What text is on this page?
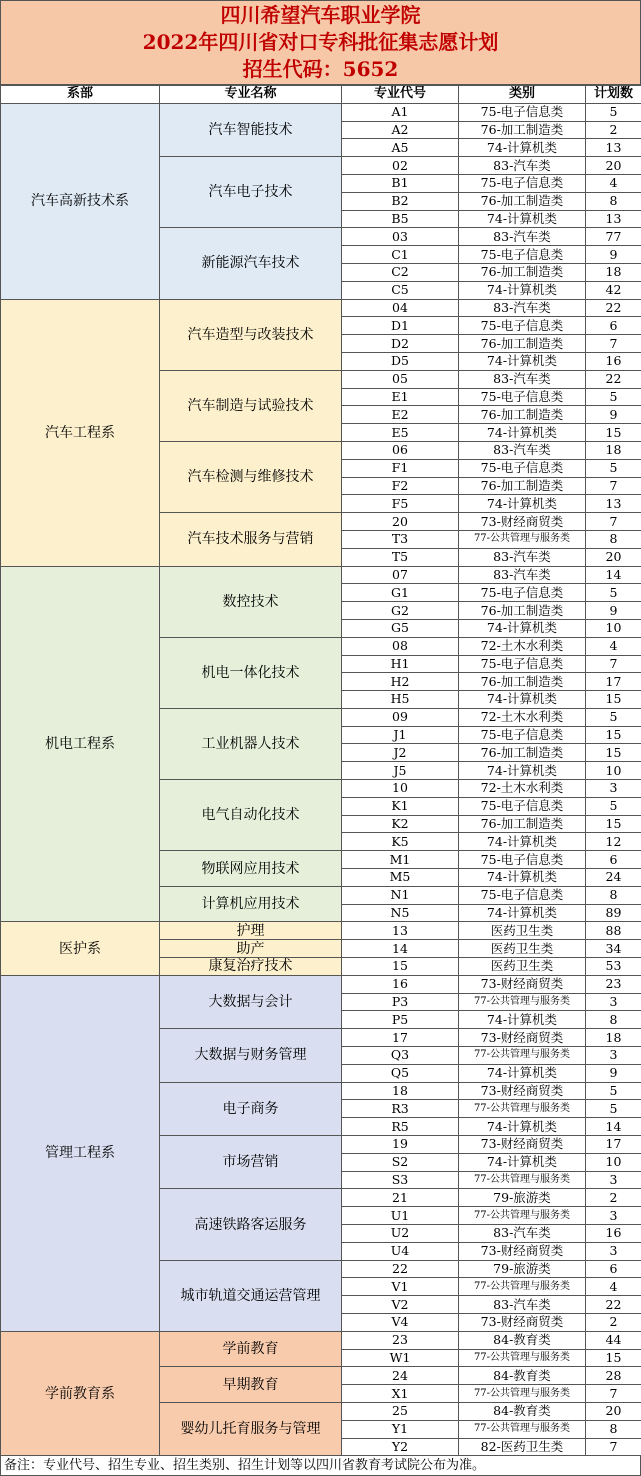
四川希望汽车职业学院
2022年四川省对口专科批征集志愿计划
招生代码：5652
系部	专业名称	专业代号	类别	计划数
汽车高新技术系	汽车智能技术	A1	75-电子信息类	5
		A2	76-加工制造类	2
		A5	74-计算机类	13
	汽车电子技术	02	83-汽车类	20
		B1	75-电子信息类	4
		B2	76-加工制造类	8
		B5	74-计算机类	13
	新能源汽车技术	03	83-汽车类	77
		C1	75-电子信息类	9
		C2	76-加工制造类	18
		C5	74-计算机类	42
汽车工程系	汽车造型与改装技术	04	83-汽车类	22
		D1	75-电子信息类	6
		D2	76-加工制造类	7
		D5	74-计算机类	16
	汽车制造与试验技术	05	83-汽车类	22
		E1	75-电子信息类	5
		E2	76-加工制造类	9
		E5	74-计算机类	15
	汽车检测与维修技术	06	83-汽车类	18
		F1	75-电子信息类	5
		F2	76-加工制造类	7
		F5	74-计算机类	13
	汽车技术服务与营销	20	73-财经商贸类	7
		T3	77-公共管理与服务类	8
		T5	83-汽车类	20
机电工程系	数控技术	07	83-汽车类	14
		G1	75-电子信息类	5
		G2	76-加工制造类	9
		G5	74-计算机类	10
	机电一体化技术	08	72-土木水利类	4
		H1	75-电子信息类	7
		H2	76-加工制造类	17
		H5	74-计算机类	15
	工业机器人技术	09	72-土木水利类	5
		J1	75-电子信息类	15
		J2	76-加工制造类	15
		J5	74-计算机类	10
	电气自动化技术	10	72-土木水利类	3
		K1	75-电子信息类	5
		K2	76-加工制造类	15
		K5	74-计算机类	12
	物联网应用技术	M1	75-电子信息类	6
		M5	74-计算机类	24
	计算机应用技术	N1	75-电子信息类	8
		N5	74-计算机类	89
医护系	护理	13	医药卫生类	88
	助产	14	医药卫生类	34
	康复治疗技术	15	医药卫生类	53
管理工程系	大数据与会计	16	73-财经商贸类	23
		P3	77-公共管理与服务类	3
		P5	74-计算机类	8
	大数据与财务管理	17	73-财经商贸类	18
		Q3	77-公共管理与服务类	3
		Q5	74-计算机类	9
	电子商务	18	73-财经商贸类	5
		R3	77-公共管理与服务类	5
		R5	74-计算机类	14
	市场营销	19	73-财经商贸类	17
		S2	74-计算机类	10
		S3	77-公共管理与服务类	3
	高速铁路客运服务	21	79-旅游类	2
		U1	77-公共管理与服务类	3
		U2	83-汽车类	16
		U4	73-财经商贸类	3
	城市轨道交通运营管理	22	79-旅游类	6
		V1	77-公共管理与服务类	4
		V2	83-汽车类	22
		V4	73-财经商贸类	2
学前教育系	学前教育	23	84-教育类	44
		W1	77-公共管理与服务类	15
	早期教育	24	84-教育类	28
		X1	77-公共管理与服务类	7
	婴幼儿托育服务与管理	25	84-教育类	20
		Y1	77-公共管理与服务类	8
		Y2	82-医药卫生类	7
备注：专业代号、招生专业、招生类别、招生计划等以四川省教育考试院公布为准。
